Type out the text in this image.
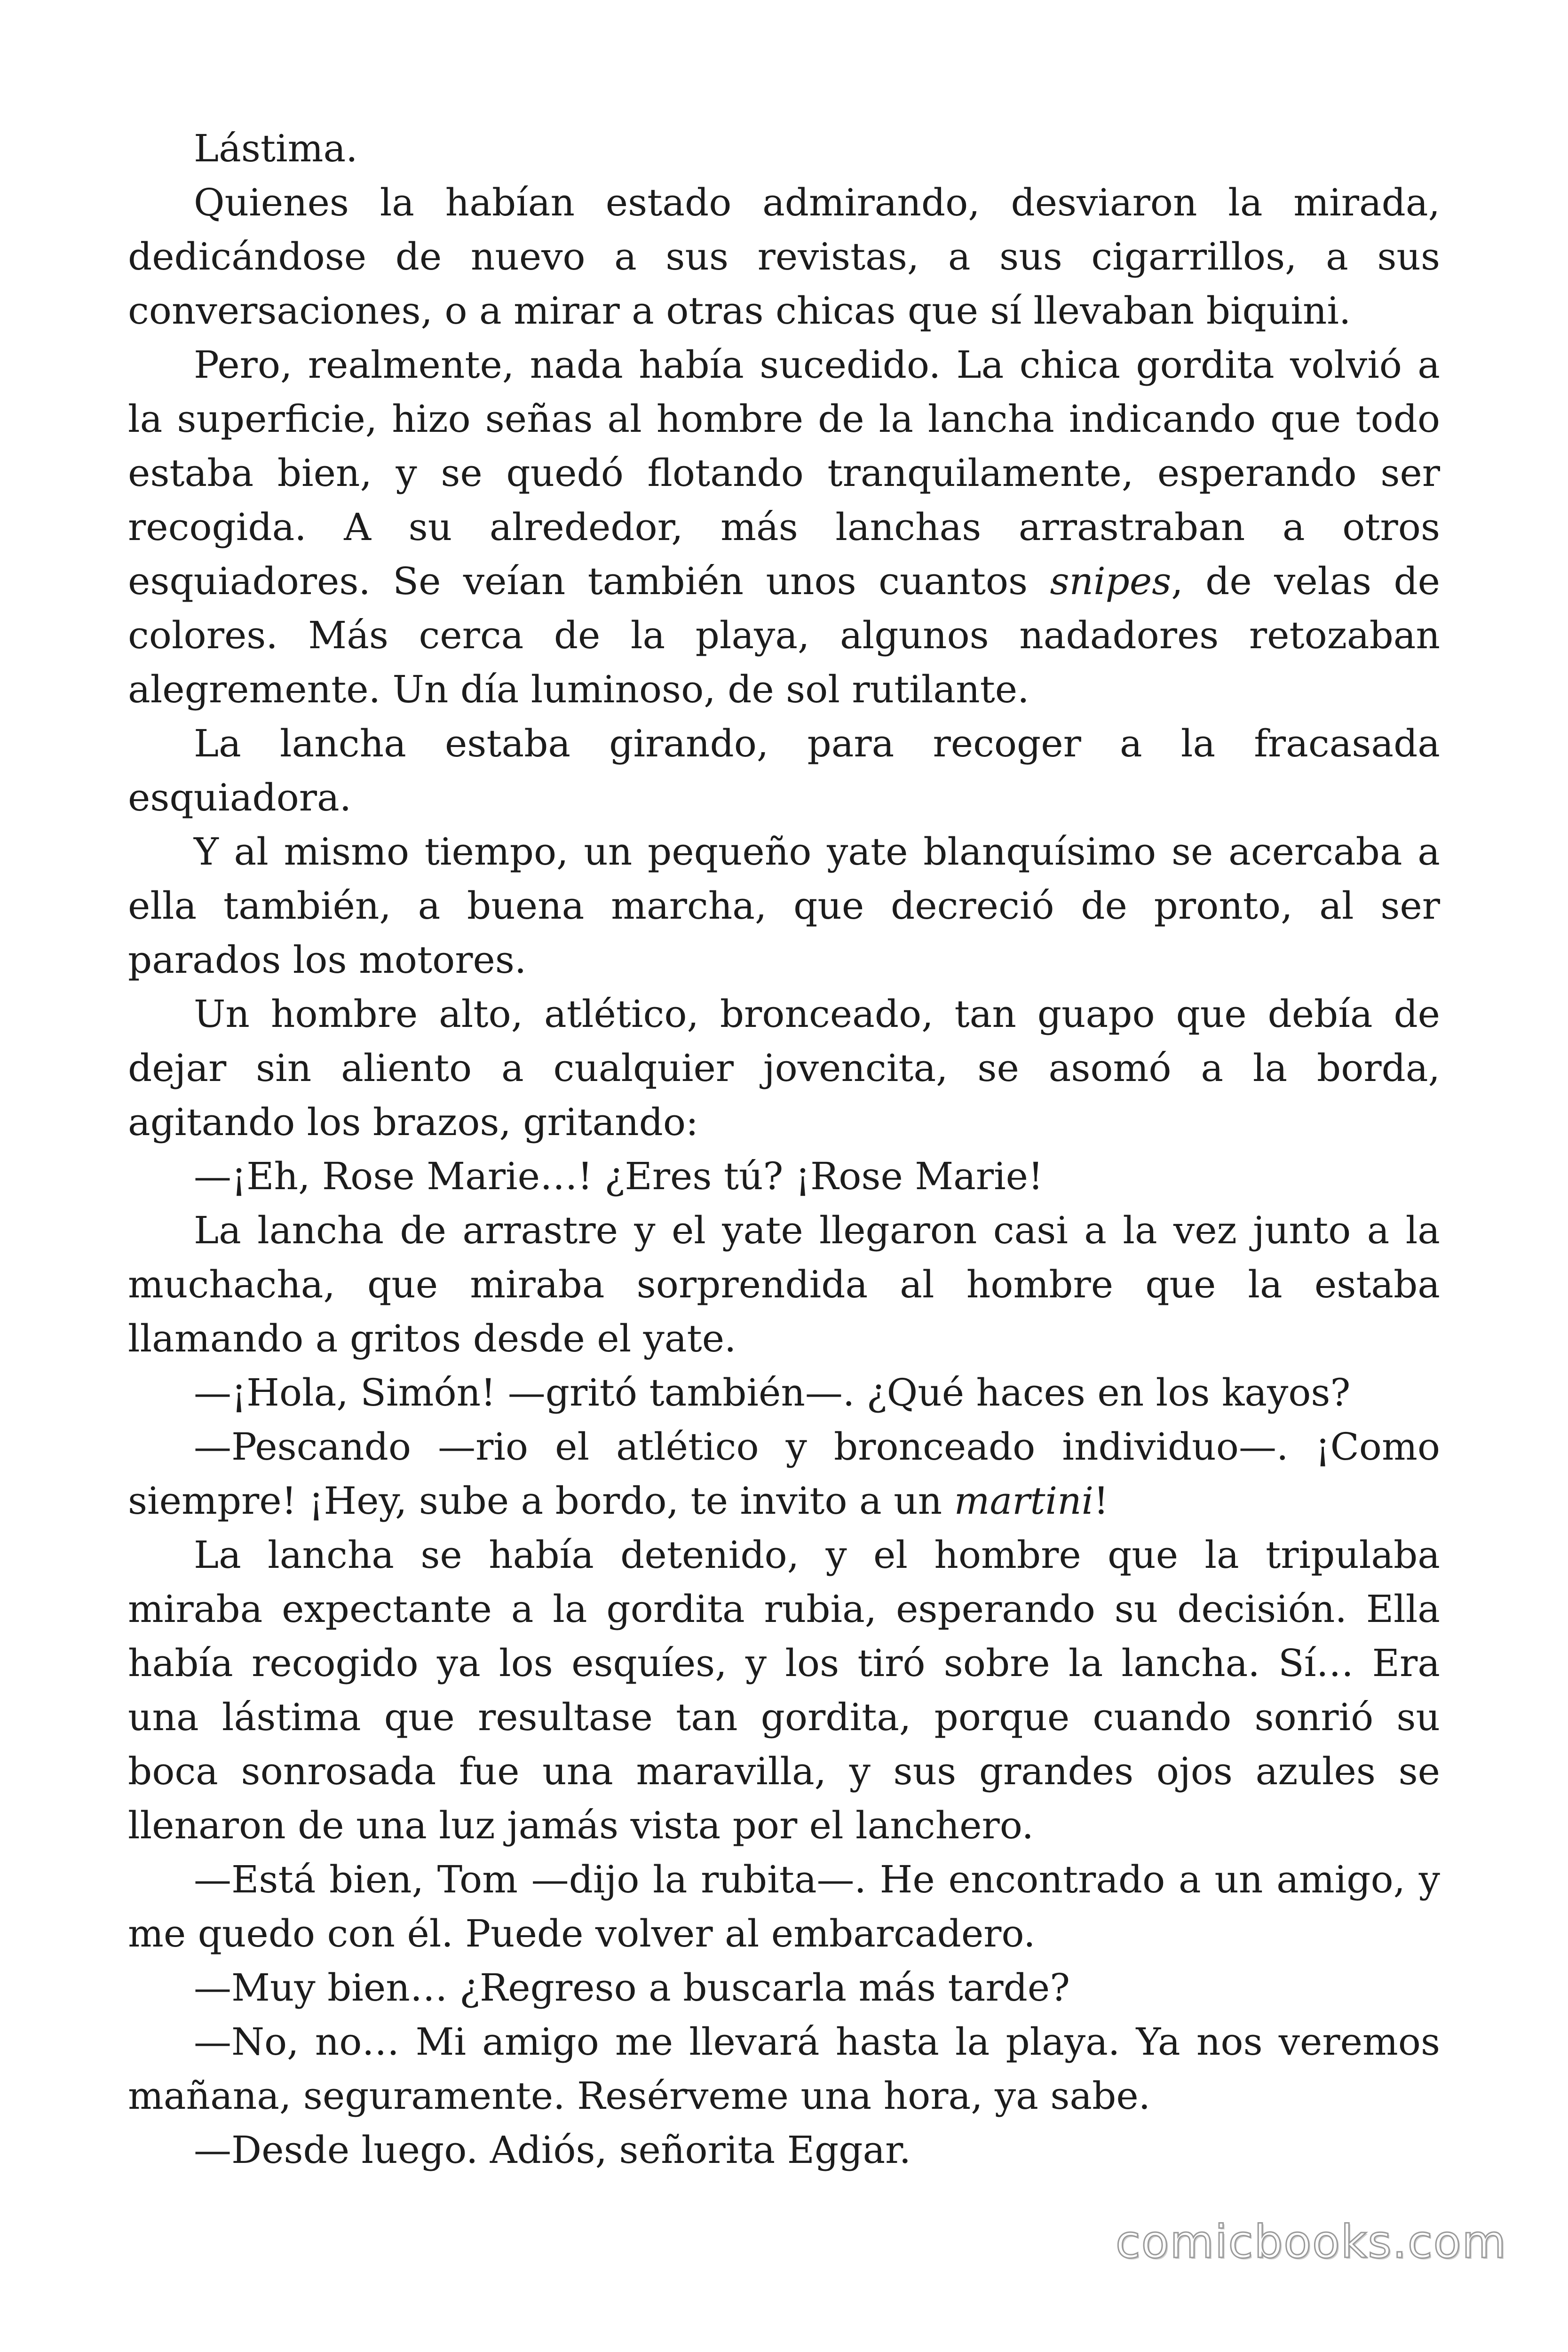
Lástima.

Quienes la habían estado admirando, desviaron la mirada, dedicándose de nuevo a sus revistas, a sus cigarrillos, a sus conversaciones, o a mirar a otras chicas que sí llevaban biquini.

Pero, realmente, nada había sucedido. La chica gordita volvió a la superficie, hizo señas al hombre de la lancha indicando que todo estaba bien, y se quedó flotando tranquilamente, esperando ser recogida. A su alrededor, más lanchas arrastraban a otros esquiadores. Se veían también unos cuantos snipes, de velas de colores. Más cerca de la playa, algunos nadadores retozaban alegremente. Un día luminoso, de sol rutilante.

La lancha estaba girando, para recoger a la fracasada esquiadora.

Y al mismo tiempo, un pequeño yate blanquísimo se acercaba a ella también, a buena marcha, que decreció de pronto, al ser parados los motores.

Un hombre alto, atlético, bronceado, tan guapo que debía de dejar sin aliento a cualquier jovencita, se asomó a la borda, agitando los brazos, gritando:

—¡Eh, Rose Marie…! ¿Eres tú? ¡Rose Marie!

La lancha de arrastre y el yate llegaron casi a la vez junto a la muchacha, que miraba sorprendida al hombre que la estaba llamando a gritos desde el yate.

—¡Hola, Simón! —gritó también—. ¿Qué haces en los kayos?

—Pescando —rio el atlético y bronceado individuo—. ¡Como siempre! ¡Hey, sube a bordo, te invito a un martini!

La lancha se había detenido, y el hombre que la tripulaba miraba expectante a la gordita rubia, esperando su decisión. Ella había recogido ya los esquíes, y los tiró sobre la lancha. Sí… Era una lástima que resultase tan gordita, porque cuando sonrió su boca sonrosada fue una maravilla, y sus grandes ojos azules se llenaron de una luz jamás vista por el lanchero.

—Está bien, Tom —dijo la rubita—. He encontrado a un amigo, y me quedo con él. Puede volver al embarcadero.

—Muy bien… ¿Regreso a buscarla más tarde?

—No, no… Mi amigo me llevará hasta la playa. Ya nos veremos mañana, seguramente. Resérveme una hora, ya sabe.

—Desde luego. Adiós, señorita Eggar.

comicbooks.com
